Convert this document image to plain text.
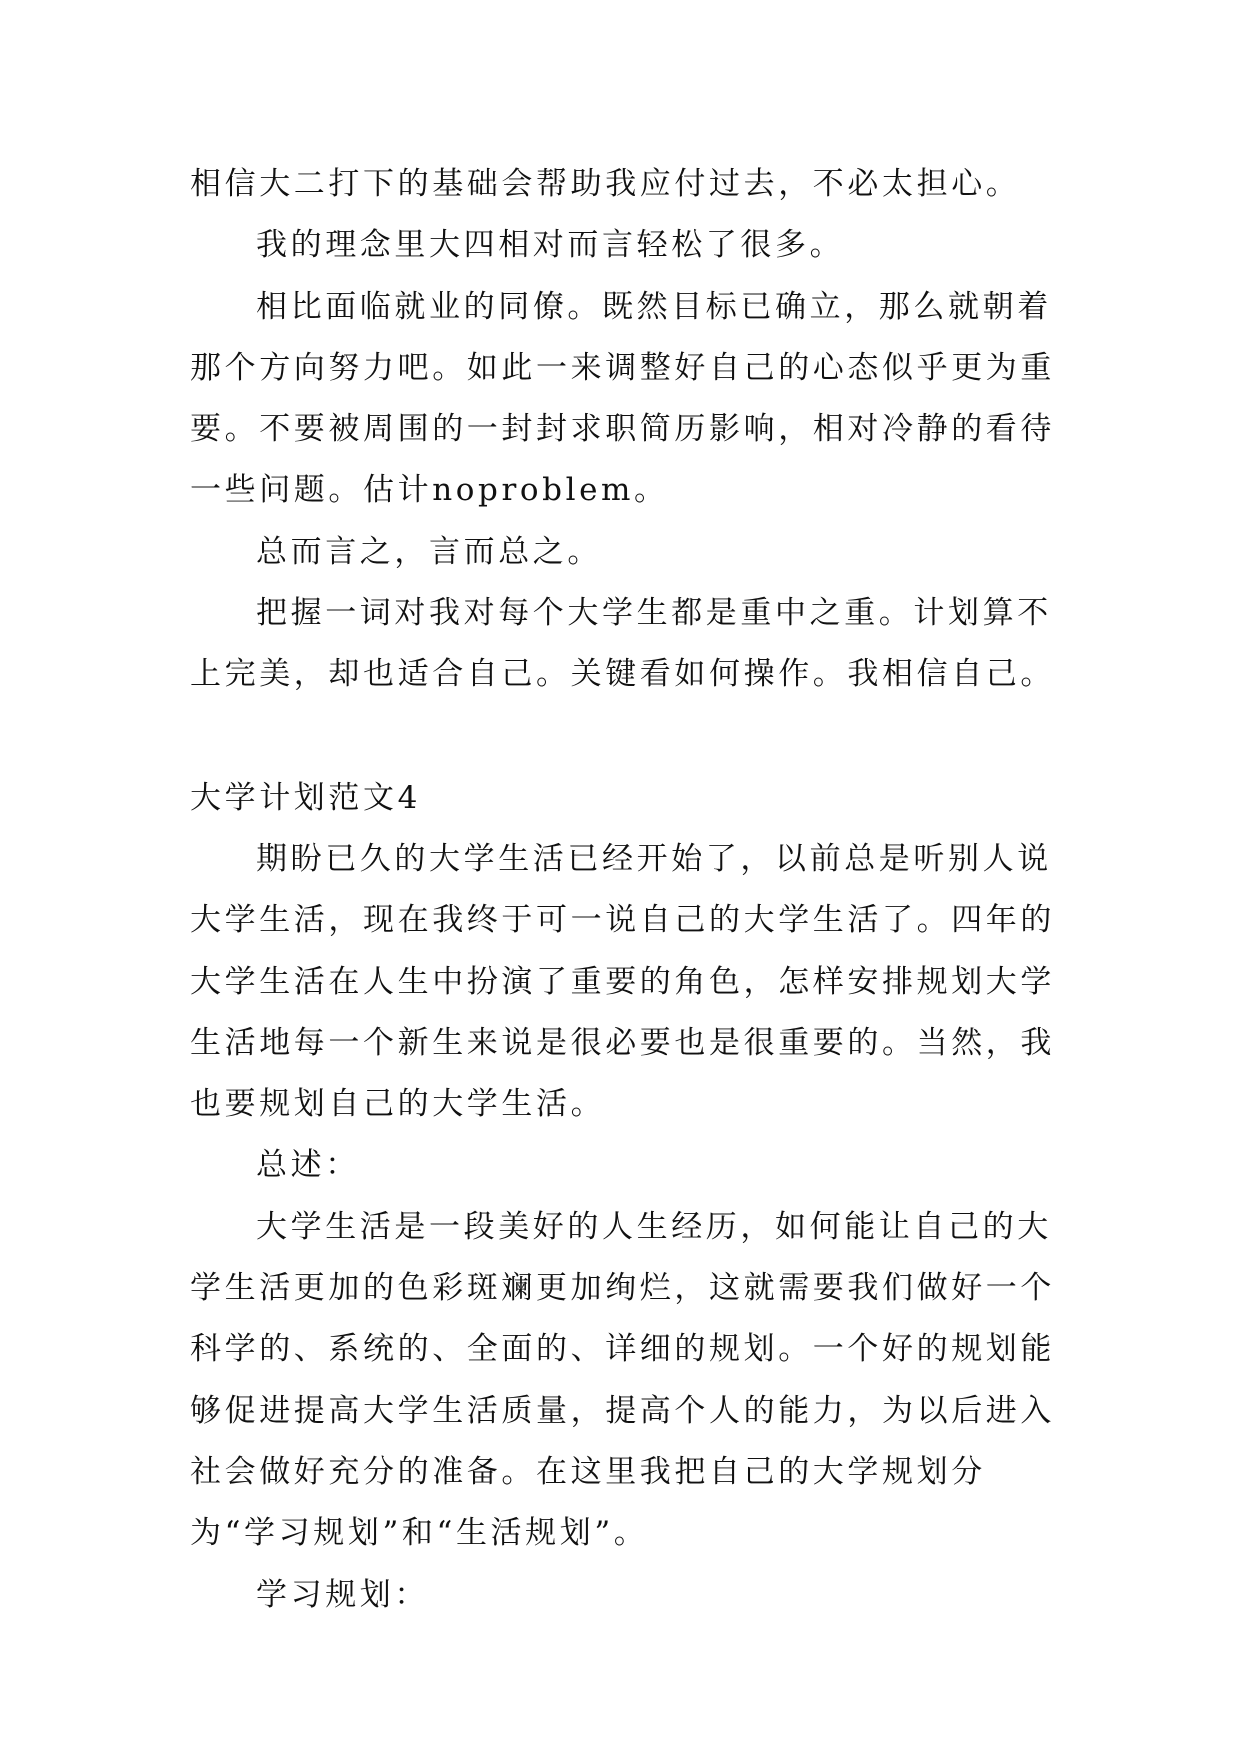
相信大二打下的基础会帮助我应付过去，不必太担心。

我的理念里大四相对而言轻松了很多。

相比面临就业的同僚。既然目标已确立，那么就朝着那个方向努力吧。如此一来调整好自己的心态似乎更为重要。不要被周围的一封封求职简历影响，相对冷静的看待一些问题。估计noproblem。

总而言之，言而总之。

把握一词对我对每个大学生都是重中之重。计划算不上完美，却也适合自己。关键看如何操作。我相信自己。

大学计划范文4

期盼已久的大学生活已经开始了，以前总是听别人说大学生活，现在我终于可一说自己的大学生活了。四年的大学生活在人生中扮演了重要的角色，怎样安排规划大学生活地每一个新生来说是很必要也是很重要的。当然，我也要规划自己的大学生活。

总述：

大学生活是一段美好的人生经历，如何能让自己的大学生活更加的色彩斑斓更加绚烂，这就需要我们做好一个科学的、系统的、全面的、详细的规划。一个好的规划能够促进提高大学生活质量，提高个人的能力，为以后进入社会做好充分的准备。在这里我把自己的大学规划分为“学习规划”和“生活规划”。

学习规划：
